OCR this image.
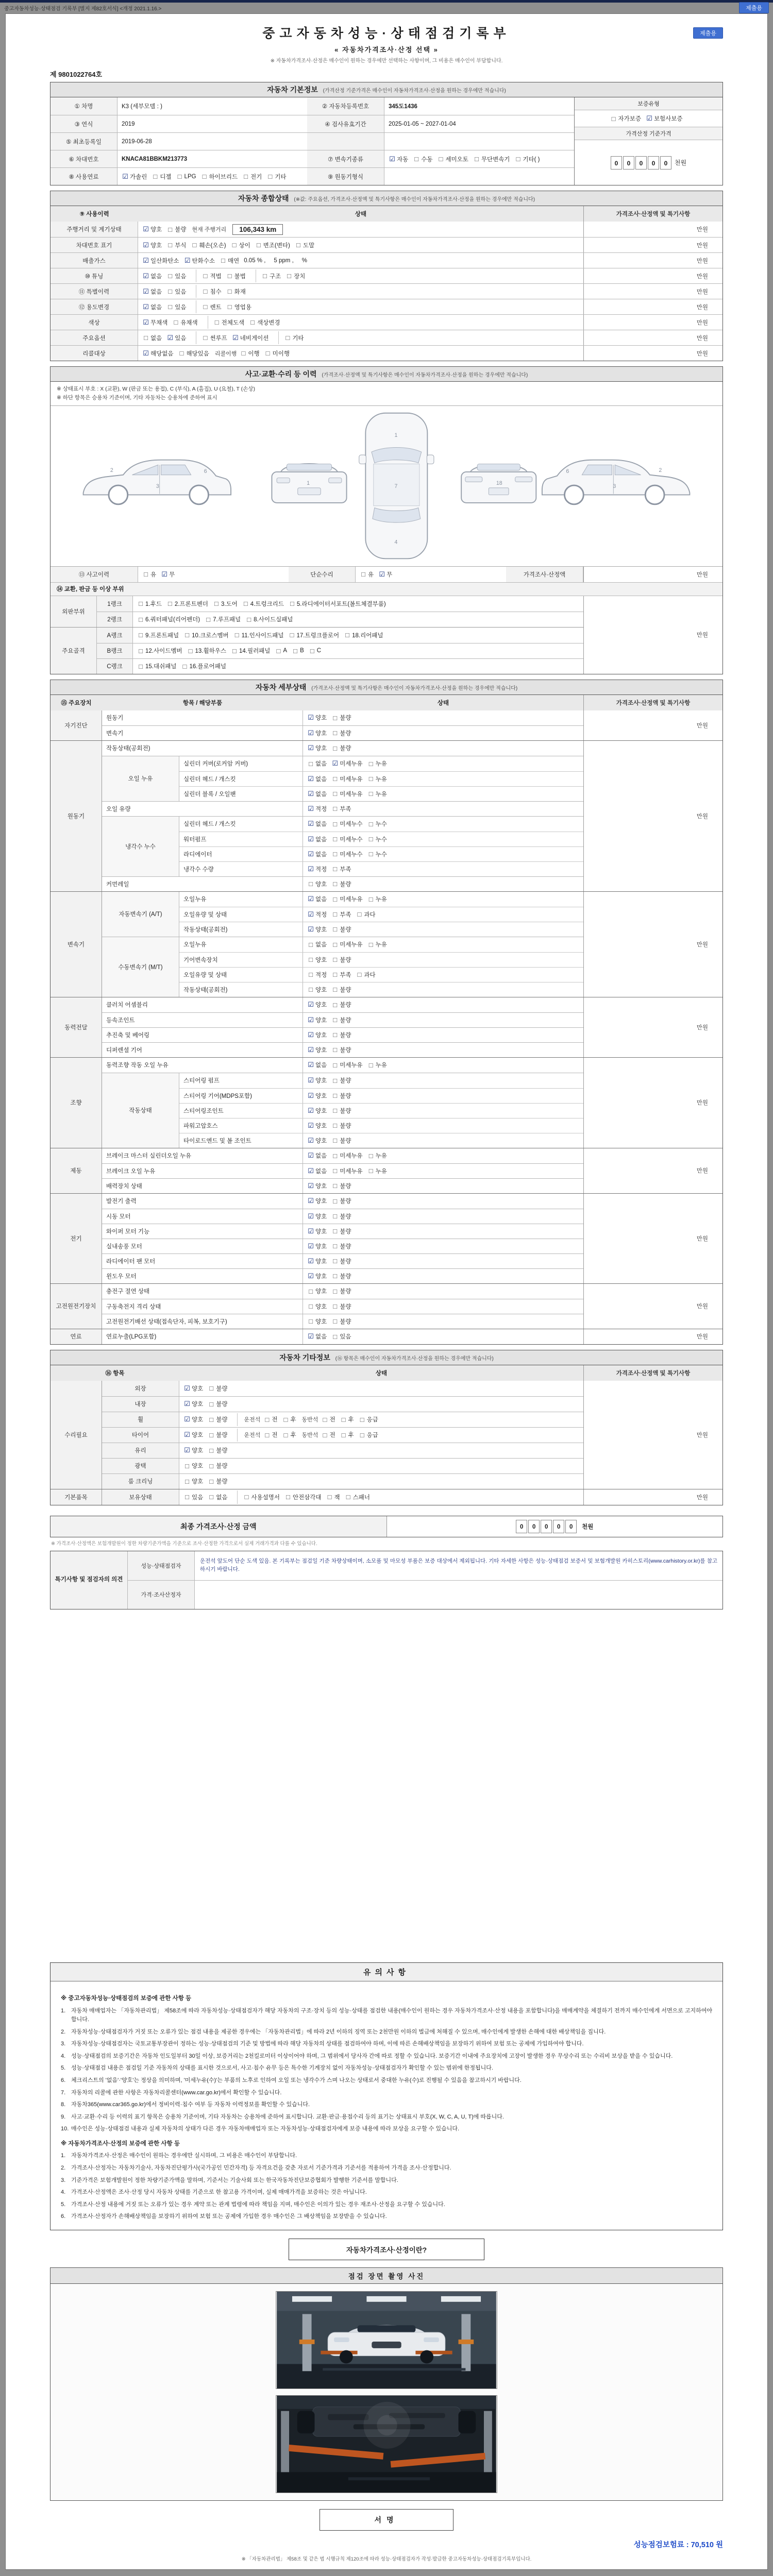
중고자동차성능·상태점검 기록부 [별지 제82호서식] <개정 2021.1.16.>	제출용
중고자동차성능·상태점검기록부
« 자동차가격조사·산정 선택 »
※ 자동차가격조사·산정은 매수인이 원하는 경우에만 선택하는 사항이며, 그 비용은 매수인이 부담합니다.
제출용
제 9801022764호
자동차 기본정보 (가격산정 기준가격은 매수인이 자동차가격조사·산정을 원하는 경우에만 적습니다)
① 차명	K3 (세부모델 : )	② 자동차등록번호	345도1436
③ 연식	2019	④ 검사유효기간	2025-01-05 ~ 2027-01-04
⑤ 최초등록일	2019-06-28
⑥ 차대번호	KNACA81BBKM213773	⑦ 변속기종류	☑ 자동 □ 수동 □ 세미오토 □ 무단변속기 □ 기타( )
⑧ 사용연료	☑ 가솔린 □ 디젤 □ LPG □ 하이브리드 □ 전기 □ 기타	⑨ 원동기형식
보증유형
□ 자가보증 ☑ 보험사보증
가격산정 기준가격
0 0 0 0 0	천원
자동차 종합상태 (※값: 주요옵션, 가격조사·산정액 및 특기사항은 매수인이 자동차가격조사·산정을 원하는 경우에만 적습니다)
⑨ 사용이력	상태	가격조사·산정액 및 특기사항
주행거리 및 계기상태	☑ 양호 □ 불량 현재 주행거리	106,343 km	만원
차대번호 표기	☑ 양호 □ 부식 □ 훼손(오손) □ 상이 □ 변조(변타) □ 도말	만원
배출가스	☑ 일산화탄소 ☑ 탄화수소 □ 매연 0.05 % , 5 ppm , %	만원
⑩ 튜닝	☑ 없음 □ 있음	□ 적법 □ 불법	□ 구조 □ 장치	만원
⑪ 특별이력	☑ 없음 □ 있음	□ 침수 □ 화재	만원
⑫ 용도변경	☑ 없음 □ 있음	□ 렌트 □ 영업용	만원
색상	☑ 무채색 □ 유채색	□ 전체도색 □ 색상변경	만원
주요옵션	□ 없음 ☑ 있음	□ 썬루프 ☑ 네비게이션	□ 기타	만원
리콜대상	☑ 해당없음 □ 해당있음 리콜이행 □ 이행 □ 미이행	만원
사고·교환·수리 등 이력 (가격조사·산정액 및 특기사항은 매수인이 자동차가격조사·산정을 원하는 경우에만 적습니다)
※ 상태표시 부호 : X (교환), W (판금 또는 용접), C (부식), A (흠집), U (요철), T (손상)
※ 하단 항목은 승용차 기준이며, 기타 자동차는 승용차에 준하여 표시
2
3
6
1
1
7
4
18
2
3
6
⑬ 사고이력	□ 유 ☑ 무	단순수리	□ 유 ☑ 무	가격조사·산정액	만원
⑭ 교환, 판금 등 이상 부위
외판부위
1랭크	□ 1.후드 □ 2.프론트펜더 □ 3.도어 □ 4.트렁크리드 □ 5.라디에이터서포트(볼트체결부품)
2랭크	□ 6.쿼터패널(리어펜더) □ 7.루프패널 □ 8.사이드실패널
주요골격
A랭크	□ 9.프론트패널 □ 10.크로스멤버 □ 11.인사이드패널 □ 17.트렁크플로어 □ 18.리어패널
B랭크	□ 12.사이드멤버 □ 13.휠하우스 □ 14.필러패널 □ A □ B □ C
C랭크	□ 15.대쉬패널 □ 16.플로어패널
만원
자동차 세부상태 (가격조사·산정액 및 특기사항은 매수인이 자동차가격조사·산정을 원하는 경우에만 적습니다)
⑮ 주요장치	항목 / 해당부품	상태	가격조사·산정액 및 특기사항
자기진단
원동기	☑ 양호 □ 불량
변속기	☑ 양호 □ 불량
만원
원동기
작동상태(공회전)	☑ 양호 □ 불량
오일 누유
실린더 커버(로커암 커버)	□ 없음 ☑ 미세누유 □ 누유
실린더 헤드 / 개스킷	☑ 없음 □ 미세누유 □ 누유
실린더 블록 / 오일팬	☑ 없음 □ 미세누유 □ 누유
오일 유량	☑ 적정 □ 부족
냉각수 누수
실린더 헤드 / 개스킷	☑ 없음 □ 미세누수 □ 누수
워터펌프	☑ 없음 □ 미세누수 □ 누수
라디에이터	☑ 없음 □ 미세누수 □ 누수
냉각수 수량	☑ 적정 □ 부족
커먼레일	□ 양호 □ 불량
만원
변속기
자동변속기 (A/T)
오일누유	☑ 없음 □ 미세누유 □ 누유
오일유량 및 상태	☑ 적정 □ 부족 □ 과다
작동상태(공회전)	☑ 양호 □ 불량
수동변속기 (M/T)
오일누유	□ 없음 □ 미세누유 □ 누유
기어변속장치	□ 양호 □ 불량
오일유량 및 상태	□ 적정 □ 부족 □ 과다
작동상태(공회전)	□ 양호 □ 불량
만원
동력전달
클러치 어셈블리	☑ 양호 □ 불량
등속조인트	☑ 양호 □ 불량
추진축 및 베어링	☑ 양호 □ 불량
디퍼렌셜 기어	☑ 양호 □ 불량
만원
조향
동력조향 작동 오일 누유	☑ 없음 □ 미세누유 □ 누유
작동상태
스티어링 펌프	☑ 양호 □ 불량
스티어링 기어(MDPS포함)	☑ 양호 □ 불량
스티어링조인트	☑ 양호 □ 불량
파워고압호스	☑ 양호 □ 불량
타이로드엔드 및 볼 조인트	☑ 양호 □ 불량
만원
제동
브레이크 마스터 실린더오일 누유	☑ 없음 □ 미세누유 □ 누유
브레이크 오일 누유	☑ 없음 □ 미세누유 □ 누유
배력장치 상태	☑ 양호 □ 불량
만원
전기
발전기 출력	☑ 양호 □ 불량
시동 모터	☑ 양호 □ 불량
와이퍼 모터 기능	☑ 양호 □ 불량
실내송풍 모터	☑ 양호 □ 불량
라디에이터 팬 모터	☑ 양호 □ 불량
윈도우 모터	☑ 양호 □ 불량
만원
고전원전기장치
충전구 절연 상태	□ 양호 □ 불량
구동축전지 격리 상태	□ 양호 □ 불량
고전원전기배선 상태(접속단자, 피복, 보호기구)	□ 양호 □ 불량
만원
연료	연료누출(LPG포함)	☑ 없음 □ 있음	만원
자동차 기타정보 (⑯ 항목은 매수인이 자동차가격조사·산정을 원하는 경우에만 적습니다)
⑯ 항목	상태	가격조사·산정액 및 특기사항
수리필요
외장	☑ 양호 □ 불량
내장	☑ 양호 □ 불량
휠	☑ 양호 □ 불량	운전석 □ 전 □ 후 동반석 □ 전 □ 후 □ 응급
타이어	☑ 양호 □ 불량	운전석 □ 전 □ 후 동반석 □ 전 □ 후 □ 응급
유리	☑ 양호 □ 불량
광택	□ 양호 □ 불량
룸 크리닝	□ 양호 □ 불량
만원
기본품목	보유상태	□ 있음 □ 없음	□ 사용설명서 □ 안전삼각대 □ 잭 □ 스패너	만원
최종 가격조사·산정 금액	0 0 0 0 0	천원
※ 가격조사·산정액은 보험개발원이 정한 차량기준가액을 기준으로 조사·산정한 가격으로서 실제 거래가격과 다를 수 있습니다.
특기사항 및 점검자의 의견
성능·상태점검자
운전석 앞도어 단순 도색 있음. 본 기록부는 점검일 기준 차량상태이며, 소모품 및 마모성 부품은 보증 대상에서 제외됩니다. 기타 자세한 사항은 성능·상태점검 보증서 및 보험개발원 카히스토리(www.carhistory.or.kr)를 참고하시기 바랍니다.
가격·조사산정자
유의사항
※ 중고자동차성능·상태점검의 보증에 관한 사항 등
1. 자동차 매매업자는 「자동차관리법」 제58조에 따라 자동차성능·상태점검자가 해당 자동차의 구조·장치 등의 성능·상태를 점검한 내용(매수인이 원하는 경우 자동차가격조사·산정 내용을 포함합니다)을 매매계약을 체결하기 전까지 매수인에게 서면으로 고지하여야 합니다.
2. 자동차성능·상태점검자가 거짓 또는 오류가 있는 점검 내용을 제공한 경우에는 「자동차관리법」에 따라 2년 이하의 징역 또는 2천만원 이하의 벌금에 처해질 수 있으며, 매수인에게 발생한 손해에 대한 배상책임을 집니다.
3. 자동차성능·상태점검자는 국토교통부장관이 정하는 성능·상태점검의 기준 및 방법에 따라 해당 자동차의 상태를 점검하여야 하며, 이에 따른 손해배상책임을 보장하기 위하여 보험 또는 공제에 가입하여야 합니다.
4. 성능·상태점검의 보증기간은 자동차 인도일부터 30일 이상, 보증거리는 2천킬로미터 이상이어야 하며, 그 범위에서 당사자 간에 따로 정할 수 있습니다. 보증기간 이내에 주요장치에 고장이 발생한 경우 무상수리 또는 수리비 보상을 받을 수 있습니다.
5. 성능·상태점검 내용은 점검일 기준 자동차의 상태를 표시한 것으로서, 사고·침수 유무 등은 특수한 기계장치 없이 자동차성능·상태점검자가 확인할 수 있는 범위에 한정됩니다.
6. 체크리스트의 '없음'·'양호'는 정상을 의미하며, '미세누유(수)'는 부품의 노후로 인하여 오일 또는 냉각수가 스며 나오는 상태로서 중대한 누유(수)로 진행될 수 있음을 참고하시기 바랍니다.
7. 자동차의 리콜에 관한 사항은 자동차리콜센터(www.car.go.kr)에서 확인할 수 있습니다.
8. 자동차365(www.car365.go.kr)에서 정비이력·침수 여부 등 자동차 이력정보를 확인할 수 있습니다.
9. 사고·교환·수리 등 이력의 표기 항목은 승용차 기준이며, 기타 자동차는 승용차에 준하여 표시합니다. 교환·판금·용접수리 등의 표기는 상태표시 부호(X, W, C, A, U, T)에 따릅니다.
10. 매수인은 성능·상태점검 내용과 실제 자동차의 상태가 다른 경우 자동차매매업자 또는 자동차성능·상태점검자에게 보증 내용에 따라 보상을 요구할 수 있습니다.
※ 자동차가격조사·산정의 보증에 관한 사항 등
1. 자동차가격조사·산정은 매수인이 원하는 경우에만 실시하며, 그 비용은 매수인이 부담합니다.
2. 가격조사·산정자는 자동차기술사, 자동차진단평가사(국가공인 민간자격) 등 자격요건을 갖춘 자로서 기준가격과 기준서를 적용하여 가격을 조사·산정합니다.
3. 기준가격은 보험개발원이 정한 차량기준가액을 말하며, 기준서는 기술사회 또는 한국자동차진단보증협회가 발행한 기준서를 말합니다.
4. 가격조사·산정액은 조사·산정 당시 자동차 상태를 기준으로 한 참고용 가격이며, 실제 매매가격을 보증하는 것은 아닙니다.
5. 가격조사·산정 내용에 거짓 또는 오류가 있는 경우 계약 또는 관계 법령에 따라 책임을 지며, 매수인은 이의가 있는 경우 재조사·산정을 요구할 수 있습니다.
6. 가격조사·산정자가 손해배상책임을 보장하기 위하여 보험 또는 공제에 가입한 경우 매수인은 그 배상책임을 보장받을 수 있습니다.
자동차가격조사·산정이란?
점검 장면 촬영 사진
서명
성능점검보험료 : 70,510 원
※ 「자동차관리법」 제58조 및 같은 법 시행규칙 제120조에 따라 성능·상태점검자가 작성·발급한 중고자동차성능·상태점검기록부입니다.
